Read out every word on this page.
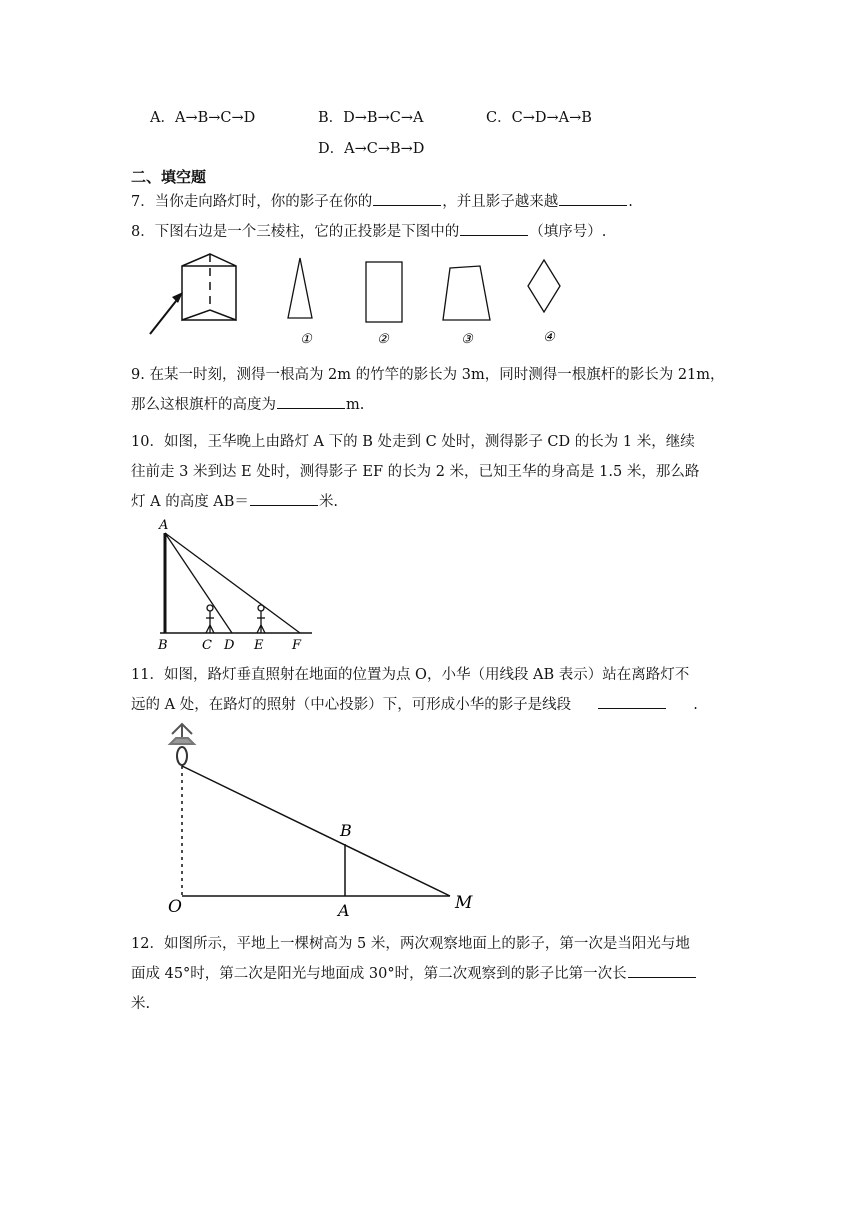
A．A→B→C→D	B．D→B→C→A	C．C→D→A→B
D．A→C→B→D
二、填空题
7．当你走向路灯时，你的影子在你的	，并且影子越来越	.
8．下图右边是一个三棱柱，它的正投影是下图中的	（填序号）.
①	②	③	④
9. 在某一时刻，测得一根高为 2m 的竹竿的影长为 3m，同时测得一根旗杆的影长为 21m，
那么这根旗杆的高度为	m.
10．如图，王华晚上由路灯 A 下的 B 处走到 C 处时，测得影子 CD 的长为 1 米，继续
往前走 3 米到达 E 处时，测得影子 EF 的长为 2 米，已知王华的身高是 1.5 米，那么路
灯 A 的高度 AB＝	米.
A
B	C D E F
11．如图，路灯垂直照射在地面的位置为点 O，小华（用线段 AB 表示）站在离路灯不
远的 A 处，在路灯的照射（中心投影）下，可形成小华的影子是线段	.
B
O	A	M
12．如图所示，平地上一棵树高为 5 米，两次观察地面上的影子，第一次是当阳光与地
面成 45°时，第二次是阳光与地面成 30°时，第二次观察到的影子比第一次长
米.
